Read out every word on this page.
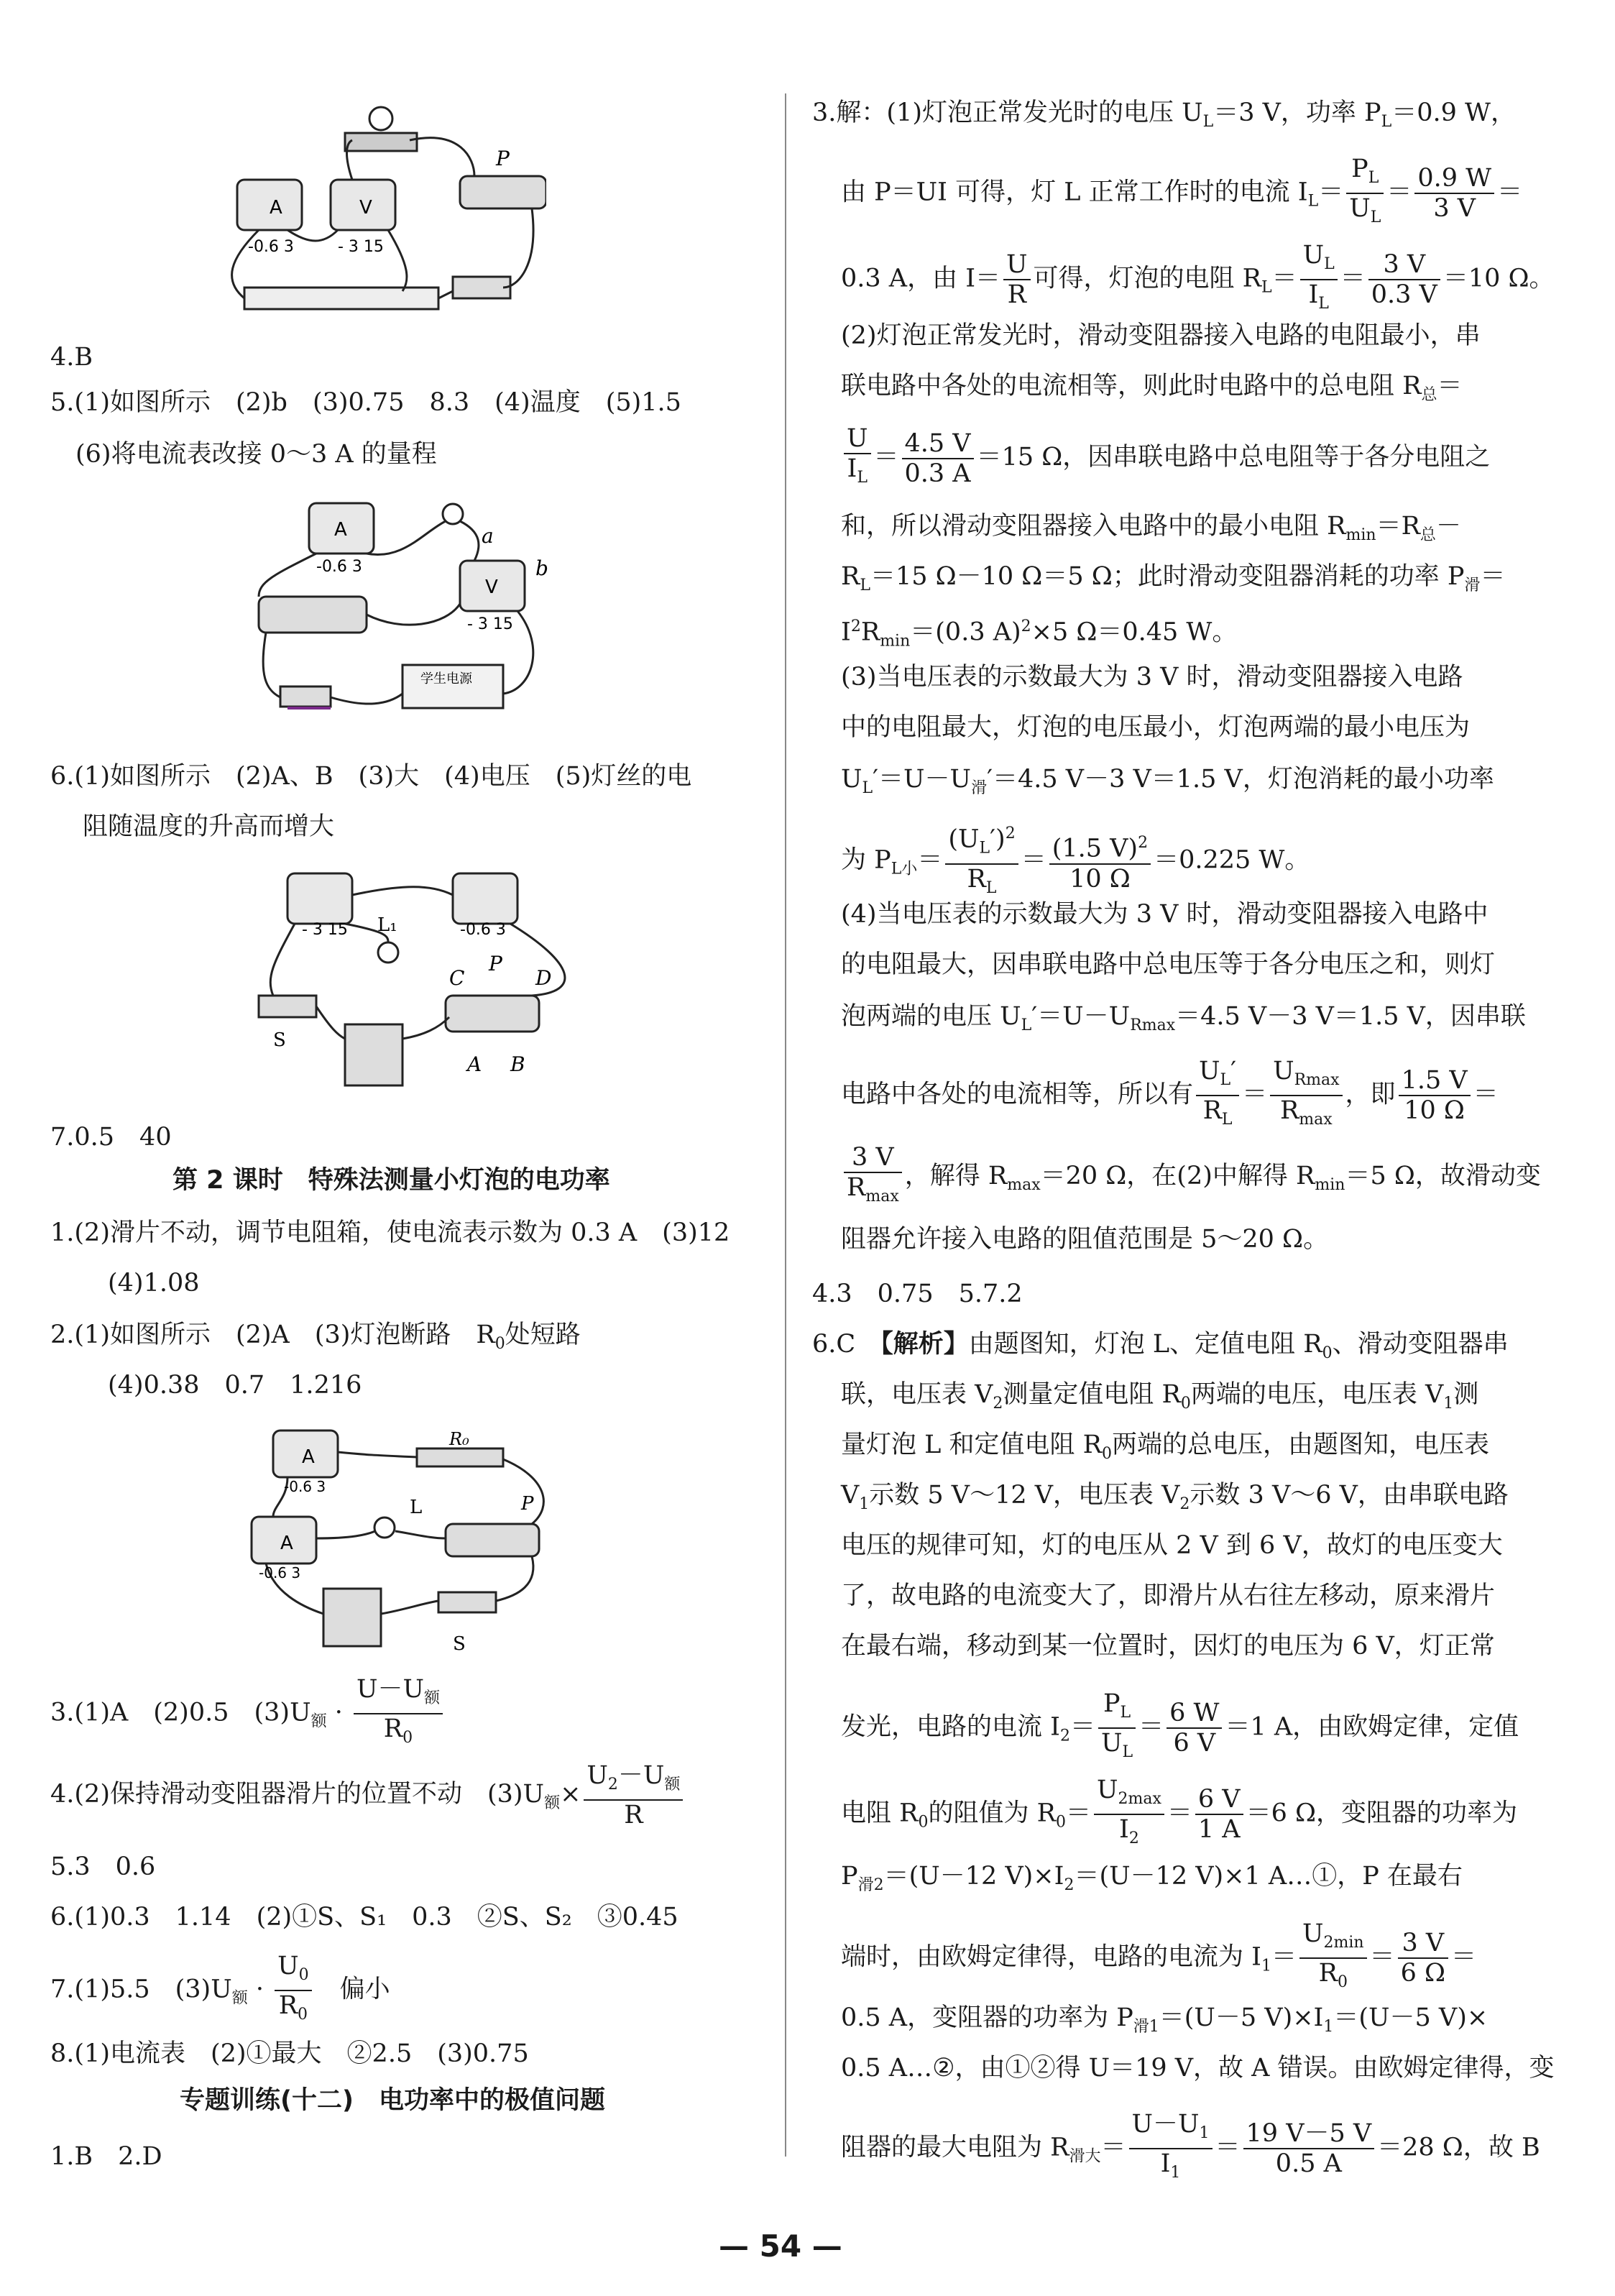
A	V
-0.6 3	- 3 15
P
4.B
5.(1)如图所示　(2)b　(3)0.75　8.3　(4)温度　(5)1.5
(6)将电流表改接 0～3 A 的量程
a
b
A
V
-0.6 3
- 3 15
学生电源
6.(1)如图所示　(2)A、B　(3)大　(4)电压　(5)灯丝的电
阻随温度的升高而增大
L₁
C
P
D
A B
S
- 3 15	-0.6 3
7.0.5　40
第 2 课时　特殊法测量小灯泡的电功率
1.(2)滑片不动，调节电阻箱，使电流表示数为 0.3 A　(3)12
(4)1.08
2.(1)如图所示　(2)A　(3)灯泡断路　$R_0$处短路
(4)0.38　0.7　1.216
A
A
R₀
P
L
S
-0.6 3
-0.6 3
3.(1)A　(2)0.5　$(3)U_额 \cdot \frac{U-U_额}{R_0}$
4.(2)保持滑动变阻器滑片的位置不动　$(3)U_额\times \frac{U_2-U_额}{R}$
5.3　0.6
6.(1)0.3　1.14　(2)①S、S₁　0.3　②S、S₂　③0.45
7.(1)5.5　$(3)U_额 \cdot \frac{U_0}{R_0}$
　 偏小
8.(1)电流表　(2)①最大　②2.5　(3)0.75
专题训练(十二)　电功率中的极值问题
1.B　2.D
3.解：(1)灯泡正常发光时的电压 $U_L=3$ V，功率 $P_L=0.9$ W，
由 P＝UI 可得，灯 L 正常工作时的电流 $I_L= \frac{P_L}{U_L} = \frac{0.9 W}{3 V}$ ＝
0.3 A，由 $I= \frac{U}{R}$ 可得，灯泡的电阻 $R_L= \frac{U_L}{I_L} = \frac{3 V}{0.3 V} =10$ Ω。
(2)灯泡正常发光时，滑动变阻器接入电路的电阻最小，串
联电路中各处的电流相等，则此时电路中的总电阻 $R_总=$
$\frac{U}{I_L} = \frac{4.5 V}{0.3 A} =15$ Ω，因串联电路中总电阻等于各分电阻之
和，所以滑动变阻器接入电路中的最小电阻 $R_{min}=R_总-$
$R_L=15$ Ω－10 Ω＝5 Ω；此时滑动变阻器消耗的功率 $P_滑=$
$I^2R_{min}=(0.3$ A)$^2$×5 Ω＝0.45 W。
(3)当电压表的示数最大为 3 V 时，滑动变阻器接入电路
中的电阻最大，灯泡的电压最小，灯泡两端的最小电压为
$U_L'=U-U_滑'=4.5$ V－3 V＝1.5 V，灯泡消耗的最小功率
为 $P_{L小}= \frac{(U_L')^2}{R_L} = \frac{(1.5 V)^2}{10 \Omega} =0.225$ W。
(4)当电压表的示数最大为 3 V 时，滑动变阻器接入电路中
的电阻最大，因串联电路中总电压等于各分电压之和，则灯
泡两端的电压 $U_L'=U-U_{Rmax}=4.5$ V－3 V＝1.5 V，因串联
电路中各处的电流相等，所以有 $\frac{U_L'}{R_L} = \frac{U_{Rmax}}{R_{max}}$ ，即 $\frac{1.5 V}{10 \Omega}$ ＝
$\frac{3 V}{R_{max}}$ ，解得 $R_{max}=20$ Ω，在(2)中解得 $R_{min}=5$ Ω，故滑动变
阻器允许接入电路的阻值范围是 5～20 Ω。
4.3　0.75　5.7.2
6.C　【解析】由题图知，灯泡 L、定值电阻 $R_0$、滑动变阻器串
联，电压表 $V_2$测量定值电阻 $R_0$两端的电压，电压表 $V_1$测
量灯泡 L 和定值电阻 $R_0$两端的总电压，由题图知，电压表
$V_1$示数 5 V～12 V，电压表 $V_2$示数 3 V～6 V，由串联电路
电压的规律可知，灯的电压从 2 V 到 6 V，故灯的电压变大
了，故电路的电流变大了，即滑片从右往左移动，原来滑片
在最右端，移动到某一位置时，因灯的电压为 6 V，灯正常
发光，电路的电流 $I_2= \frac{P_L}{U_L} = \frac{6 W}{6 V} =1$ A，由欧姆定律，定值
电阻 $R_0$的阻值为 $R_0= \frac{U_{2max}}{I_2} = \frac{6 V}{1 A} =6$ Ω，变阻器的功率为
$P_{滑2}=(U-12$ $V)\times I_2=(U-12$ V)×1 A…①，P 在最右
端时，由欧姆定律得，电路的电流为 $I_1= \frac{U_{2min}}{R_0} = \frac{3 V}{6 \Omega}$ ＝
0.5 A，变阻器的功率为 $P_{滑1}=(U-5$ $V)\times I_1=(U-5$ V)×
0.5 A…②，由①②得 U＝19 V，故 A 错误。由欧姆定律得，变
阻器的最大电阻为 $R_{滑大}= \frac{U-U_1}{I_1} = \frac{19 V-5 V}{0.5 A} =28$ Ω，故 B
— 54 —
